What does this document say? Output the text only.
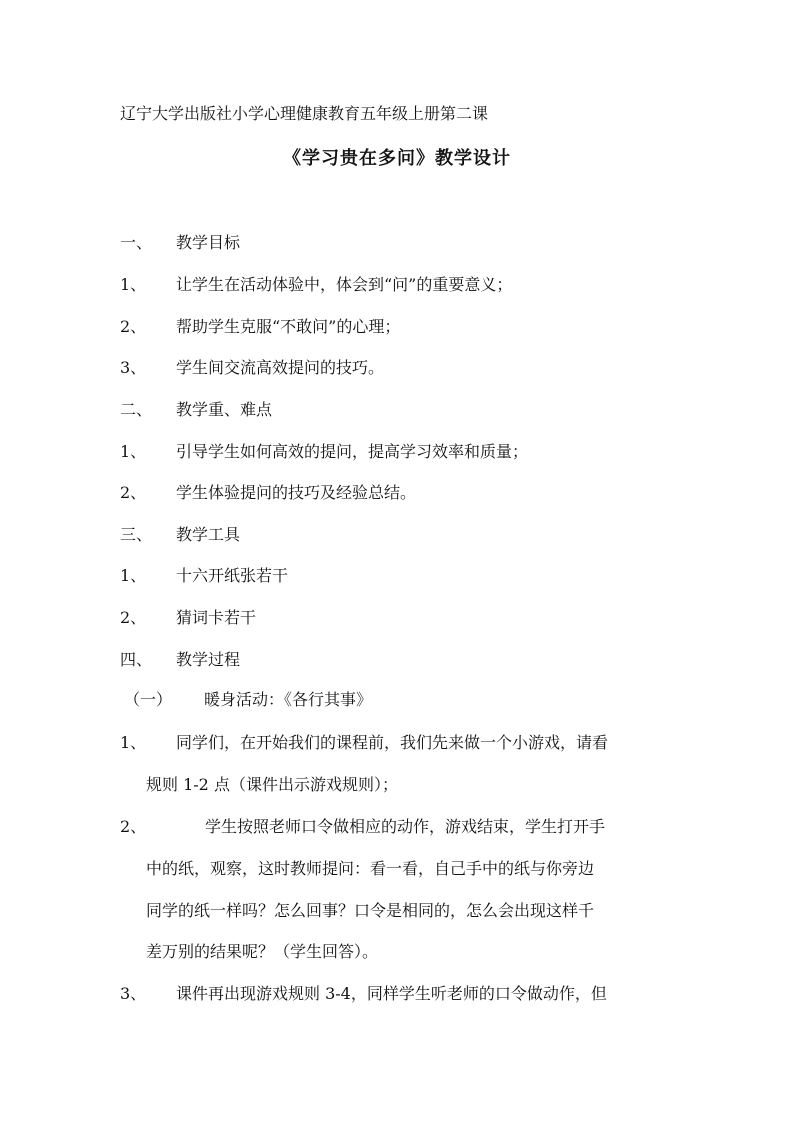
辽宁大学出版社小学心理健康教育五年级上册第二课
《学习贵在多问》教学设计
一、 教学目标
1、 让学生在活动体验中，体会到“问”的重要意义；
2、 帮助学生克服“不敢问”的心理；
3、 学生间交流高效提问的技巧。
二、 教学重、难点
1、 引导学生如何高效的提问，提高学习效率和质量；
2、 学生体验提问的技巧及经验总结。
三、 教学工具
1、 十六开纸张若干
2、 猜词卡若干
四、 教学过程
（一） 暖身活动：《各行其事》
1、 同学们，在开始我们的课程前，我们先来做一个小游戏，请看
规则 1-2 点（课件出示游戏规则）；
2、	学生按照老师口令做相应的动作，游戏结束，学生打开手
中的纸，观察，这时教师提问：看一看，自己手中的纸与你旁边
同学的纸一样吗？怎么回事？口令是相同的，怎么会出现这样千
差万别的结果呢？（学生回答）。
3、 课件再出现游戏规则 3-4，同样学生听老师的口令做动作，但
